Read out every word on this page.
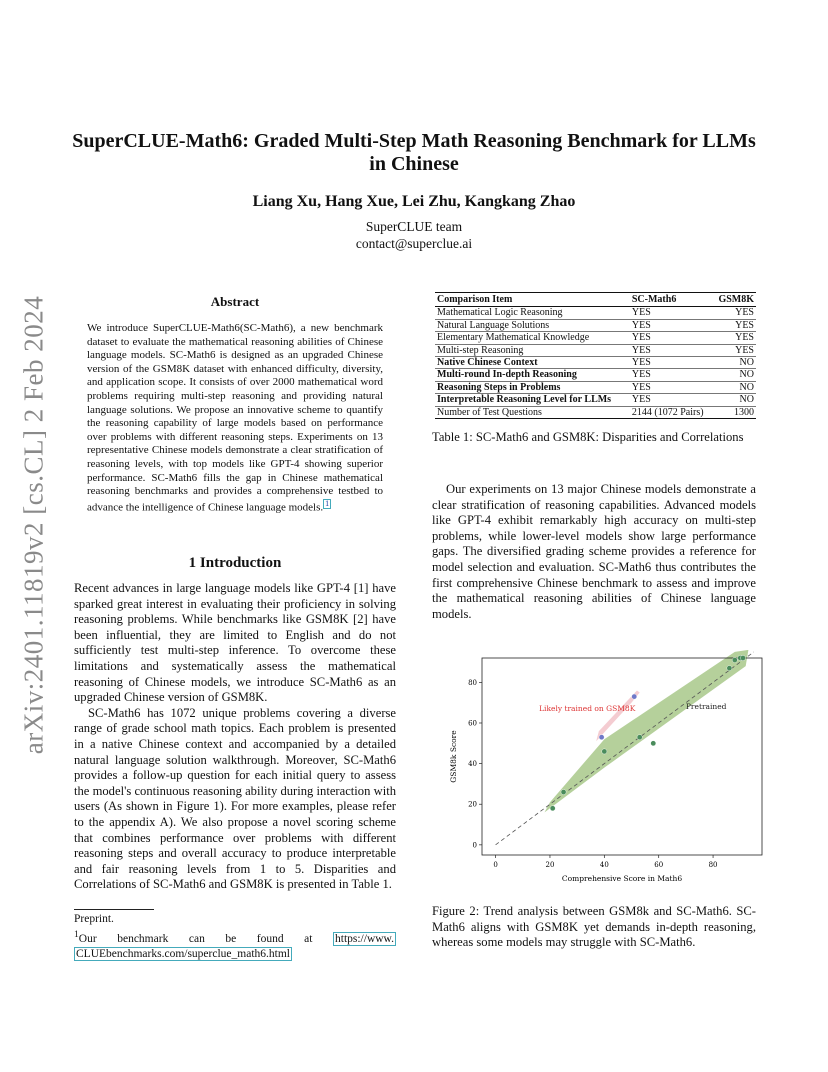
arXiv:2401.11819v2 [cs.CL] 2 Feb 2024
SuperCLUE-Math6: Graded Multi-Step Math Reasoning Benchmark for LLMs in Chinese
Liang Xu, Hang Xue, Lei Zhu, Kangkang Zhao
SuperCLUE team
contact@superclue.ai
Abstract
We introduce SuperCLUE-Math6(SC-Math6), a new benchmark dataset to evaluate the mathematical reasoning abilities of Chinese language models. SC-Math6 is designed as an upgraded Chinese version of the GSM8K dataset with enhanced difficulty, diversity, and application scope. It consists of over 2000 mathematical word problems requiring multi-step reasoning and providing natural language solutions. We propose an innovative scheme to quantify the reasoning capability of large models based on performance over problems with different reasoning steps. Experiments on 13 representative Chinese models demonstrate a clear stratification of reasoning levels, with top models like GPT-4 showing superior performance. SC-Math6 fills the gap in Chinese mathematical reasoning benchmarks and provides a comprehensive testbed to advance the intelligence of Chinese language models. 1
1 Introduction

Recent advances in large language models like GPT-4 [1] have sparked great interest in evaluating their proficiency in solving reasoning problems. While benchmarks like GSM8K [2] have been influential, they are limited to English and do not sufficiently test multi-step inference. To overcome these limitations and systematically assess the mathematical reasoning of Chinese models, we introduce SC-Math6 as an upgraded Chinese version of GSM8K.

SC-Math6 has 1072 unique problems covering a diverse range of grade school math topics. Each problem is presented in a native Chinese context and accompanied by a detailed natural language solution walkthrough. Moreover, SC-Math6 provides a follow-up question for each initial query to assess the model's continuous reasoning ability during interaction with users (As shown in Figure 1). For more examples, please refer to the appendix A). We also propose a novel scoring scheme that combines performance over problems with different reasoning steps and overall accuracy to produce interpretable and fair reasoning levels from 1 to 5. Disparities and Correlations of SC-Math6 and GSM8K is presented in Table 1.

Preprint.
$^1$Our benchmark can be found at https://www.
CLUEbenchmarks.com/superclue_math6.html
Comparison Item	SC-Math6	GSM8K
Mathematical Logic Reasoning	YES	YES
Natural Language Solutions	YES	YES
Elementary Mathematical Knowledge	YES	YES
Multi-step Reasoning	YES	YES
Native Chinese Context	YES	NO
Multi-round In-depth Reasoning	YES	NO
Reasoning Steps in Problems	YES	NO
Interpretable Reasoning Level for LLMs	YES	NO
Number of Test Questions	2144 (1072 Pairs)	1300
Table 1: SC-Math6 and GSM8K: Disparities and Correlations
Our experiments on 13 major Chinese models demonstrate a clear stratification of reasoning capabilities. Advanced models like GPT-4 exhibit remarkably high accuracy on multi-step problems, while lower-level models show large performance gaps. The diversified grading scheme provides a reference for model selection and evaluation. SC-Math6 thus contributes the first comprehensive Chinese benchmark to assess and improve the mathematical reasoning abilities of Chinese language models.
0	20	40	60	80
0
20
40
60
80
Likely trained on GSM8K	Pretrained
Comprehensive Score in Math6
GSM8k Score
Figure 2: Trend analysis between GSM8k and SC-Math6. SC-Math6 aligns with GSM8K yet demands in-depth reasoning, whereas some models may struggle with SC-Math6.
